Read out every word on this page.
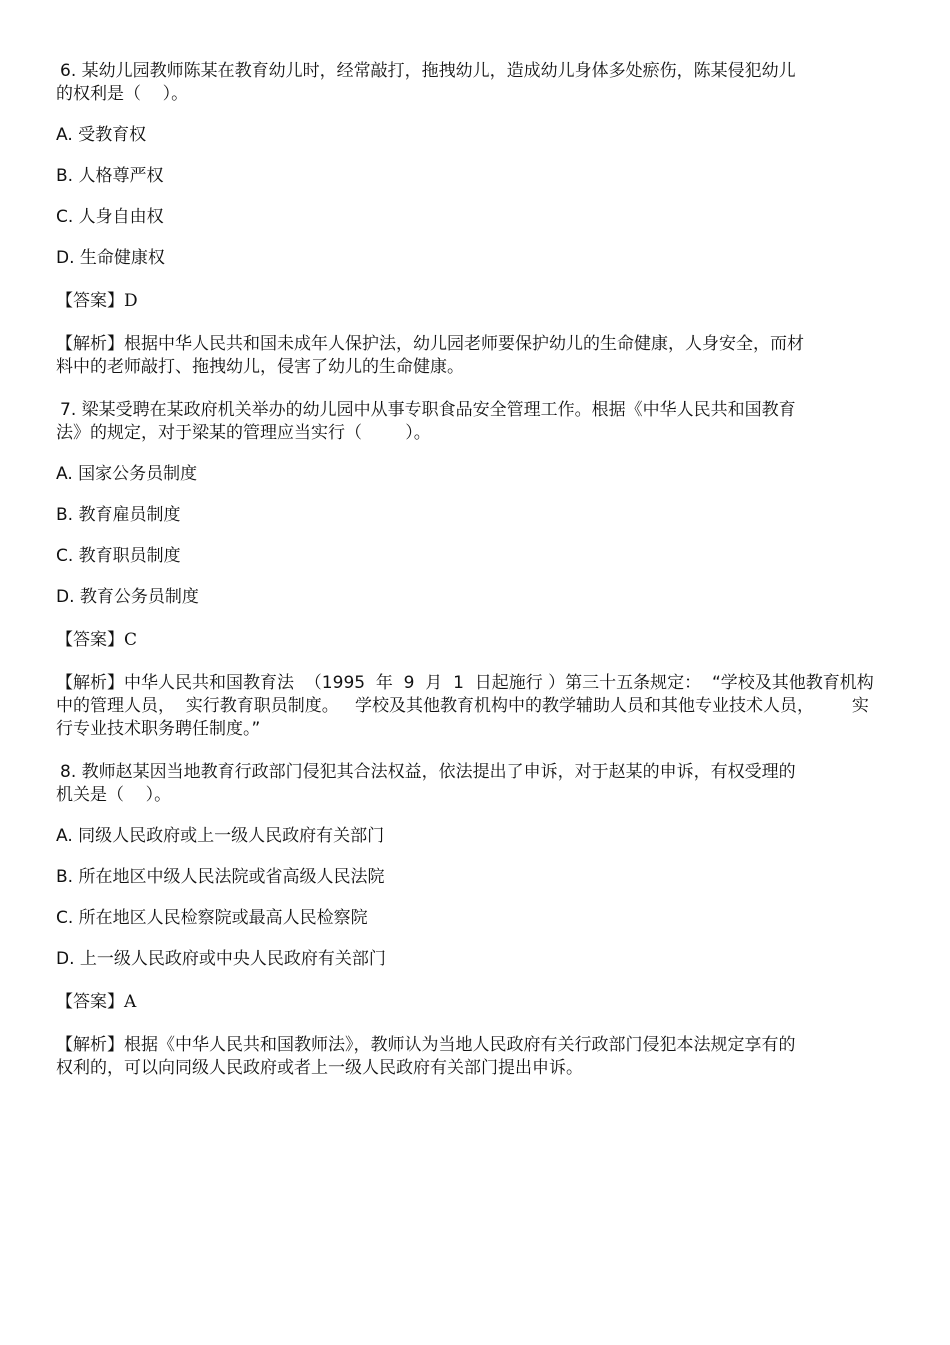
6. 某幼儿园教师陈某在教育幼儿时，经常敲打，拖拽幼儿，造成幼儿身体多处瘀伤，陈某侵犯幼儿
的权利是（    ）。
A. 受教育权
B. 人格尊严权
C. 人身自由权
D. 生命健康权
【答案】D
【解析】根据中华人民共和国未成年人保护法，幼儿园老师要保护幼儿的生命健康，人身安全，而材
料中的老师敲打、拖拽幼儿，侵害了幼儿的生命健康。
7. 梁某受聘在某政府机关举办的幼儿园中从事专职食品安全管理工作。根据《中华人民共和国教育
法》的规定，对于梁某的管理应当实行（        ）。
A. 国家公务员制度
B. 教育雇员制度
C. 教育职员制度
D. 教育公务员制度
【答案】C
【解析】中华人民共和国教育法  （1995  年  9  月  1  日起施行 ）第三十五条规定：  “学校及其他教育机构
中的管理人员，  实行教育职员制度。   学校及其他教育机构中的教学辅助人员和其他专业技术人员，       实
行专业技术职务聘任制度。”
8. 教师赵某因当地教育行政部门侵犯其合法权益，依法提出了申诉，对于赵某的申诉，有权受理的
机关是（    ）。
A. 同级人民政府或上一级人民政府有关部门
B. 所在地区中级人民法院或省高级人民法院
C. 所在地区人民检察院或最高人民检察院
D. 上一级人民政府或中央人民政府有关部门
【答案】A
【解析】根据《中华人民共和国教师法》，教师认为当地人民政府有关行政部门侵犯本法规定享有的
权利的，可以向同级人民政府或者上一级人民政府有关部门提出申诉。
